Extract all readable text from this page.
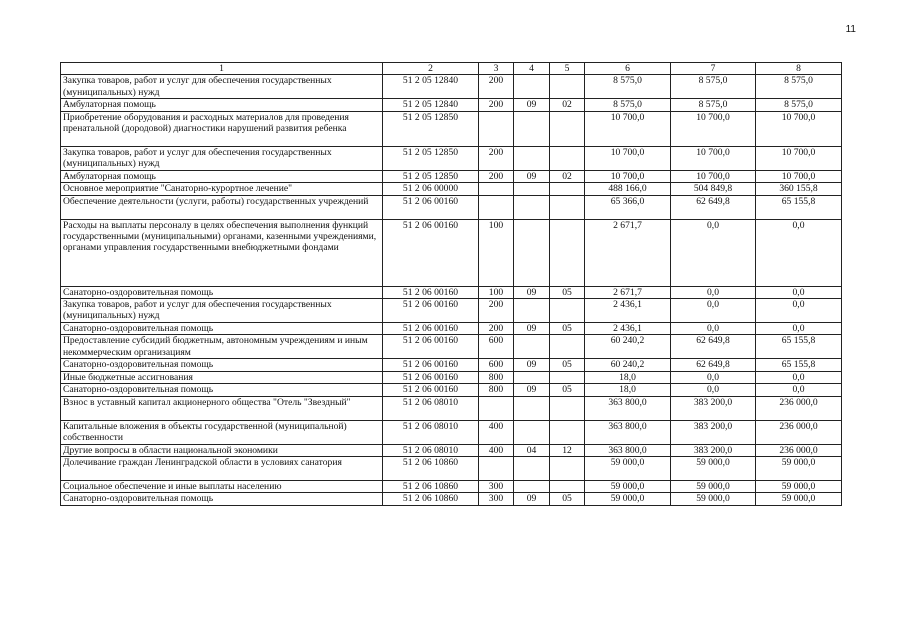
11
1	2	3	4	5	6	7	8
Закупка товаров, работ и услуг для обеспечения государственных (муниципальных) нужд	51 2 05 12840	200			8 575,0	8 575,0	8 575,0
Амбулаторная помощь	51 2 05 12840	200	09	02	8 575,0	8 575,0	8 575,0
Приобретение оборудования и расходных материалов для проведения пренатальной (дородовой) диагностики нарушений развития ребенка	51 2 05 12850				10 700,0	10 700,0	10 700,0
Закупка товаров, работ и услуг для обеспечения государственных (муниципальных) нужд	51 2 05 12850	200			10 700,0	10 700,0	10 700,0
Амбулаторная помощь	51 2 05 12850	200	09	02	10 700,0	10 700,0	10 700,0
Основное мероприятие "Санаторно-курортное лечение"	51 2 06 00000				488 166,0	504 849,8	360 155,8
Обеспечение деятельности (услуги, работы) государственных учреждений	51 2 06 00160				65 366,0	62 649,8	65 155,8
Расходы на выплаты персоналу в целях обеспечения выполнения функций государственными (муниципальными) органами, казенными учреждениями, органами управления государственными внебюджетными фондами	51 2 06 00160	100			2 671,7	0,0	0,0
Санаторно-оздоровительная помощь	51 2 06 00160	100	09	05	2 671,7	0,0	0,0
Закупка товаров, работ и услуг для обеспечения государственных (муниципальных) нужд	51 2 06 00160	200			2 436,1	0,0	0,0
Санаторно-оздоровительная помощь	51 2 06 00160	200	09	05	2 436,1	0,0	0,0
Предоставление субсидий бюджетным, автономным учреждениям и иным некоммерческим организациям	51 2 06 00160	600			60 240,2	62 649,8	65 155,8
Санаторно-оздоровительная помощь	51 2 06 00160	600	09	05	60 240,2	62 649,8	65 155,8
Иные бюджетные ассигнования	51 2 06 00160	800			18,0	0,0	0,0
Санаторно-оздоровительная помощь	51 2 06 00160	800	09	05	18,0	0,0	0,0
Взнос в уставный капитал акционерного общества "Отель "Звездный"	51 2 06 08010				363 800,0	383 200,0	236 000,0
Капитальные вложения в объекты государственной (муниципальной) собственности	51 2 06 08010	400			363 800,0	383 200,0	236 000,0
Другие вопросы в области национальной экономики	51 2 06 08010	400	04	12	363 800,0	383 200,0	236 000,0
Долечивание граждан Ленинградской области в условиях санатория	51 2 06 10860				59 000,0	59 000,0	59 000,0
Социальное обеспечение и иные выплаты населению	51 2 06 10860	300			59 000,0	59 000,0	59 000,0
Санаторно-оздоровительная помощь	51 2 06 10860	300	09	05	59 000,0	59 000,0	59 000,0
